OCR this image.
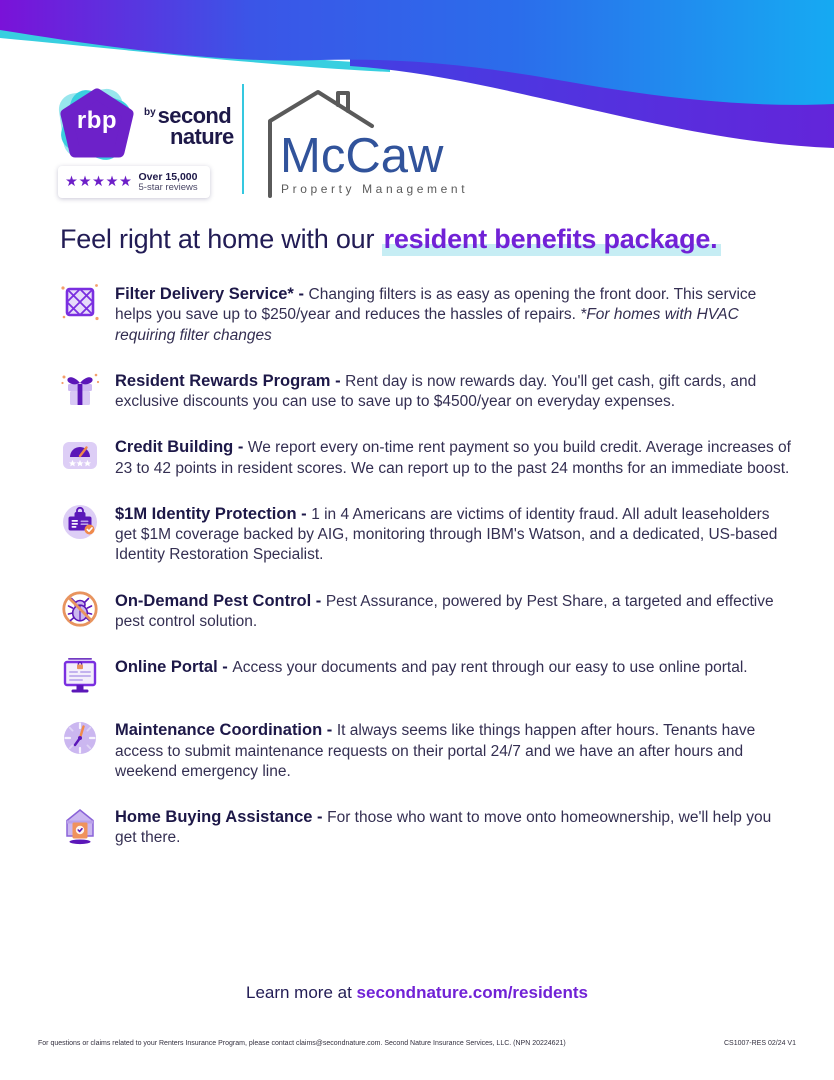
rbp	$^{by}$second
nature
★★★★★ Over 15,000
5-star reviews
McCaw
Property Management
Feel right at home with our resident benefits package.

Filter Delivery Service* - Changing filters is as easy as opening the front door. This service helps you save up to $250/year and reduces the hassles of repairs. *For homes with HVAC requiring filter changes

Resident Rewards Program - Rent day is now rewards day. You'll get cash, gift cards, and exclusive discounts you can use to save up to $4500/year on everyday expenses.

Credit Building - We report every on-time rent payment so you build credit. Average increases of 23 to 42 points in resident scores. We can report up to the past 24 months for an immediate boost.

$1M Identity Protection - 1 in 4 Americans are victims of identity fraud. All adult leaseholders get $1M coverage backed by AIG, monitoring through IBM's Watson, and a dedicated, US-based Identity Restoration Specialist.

On-Demand Pest Control - Pest Assurance, powered by Pest Share, a targeted and effective pest control solution.

Online Portal - Access your documents and pay rent through our easy to use online portal.

Maintenance Coordination - It always seems like things happen after hours. Tenants have access to submit maintenance requests on their portal 24/7 and we have an after hours and weekend emergency line.

Home Buying Assistance - For those who want to move onto homeownership, we'll help you get there.

Learn more at secondnature.com/residents
For questions or claims related to your Renters Insurance Program, please contact claims@secondnature.com. Second Nature Insurance Services, LLC. (NPN 20224621)	CS1007-RES 02/24 V1
